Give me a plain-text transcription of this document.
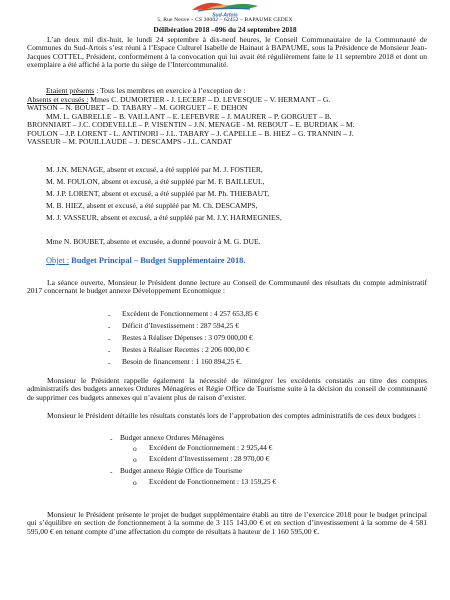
Sud-Artois
5, Rue Neuve – CS 30002 – 62452 – BAPAUME CEDEX
Délibération 2018 –096 du 24 septembre 2018

L’an deux mil dix-huit, le lundi 24 septembre à dix-neuf heures, le Conseil Communautaire de la Communauté de Communes du Sud-Artois s’est réuni à l’Espace Culturel Isabelle de Hainaut à BAPAUME, sous la Présidence de Monsieur Jean-Jacques COTTEL, Président, conformément à la convocation qui lui avait été régulièrement faite le 11 septembre 2018 et dont un exemplaire a été affiché à la porte du siège de l’Intercommunalité.

Etaient présents : Tous les membres en exercice à l’exception de :
Absents et excusés : Mmes C. DUMORTIER - J. LECERF – D. LEVESQUE – V. HERMANT – G.
WATSON – N. BOUBET – D. TABARY – M. GORGUET – F. DEHON
MM. L. GABRELLE – B. VAILLANT – E. LEFEBVRE – J. MAURER – P. GORGUET – B.
BRONNIART – J.C. CODEVELLE – P. VISENTIN – J.N. MENAGE - M. REBOUT – E. BURDIAK – M.
FOULON – J.P. LORENT - L. ANTINORI – J.L. TABARY – J. CAPELLE – B. HIEZ – G. TRANNIN – J.
VASSEUR – M. POUILLAUDE – J. DESCAMPS - J.L. CANDAT
M. J.N. MENAGE, absent et excusé, a été suppléé par M. J. FOSTIER,
M. M. FOULON, absent et excusé, a été suppléé par M. F. BAILLEUL,
M. J.P. LORENT, absent et excusé, a été suppléé par M. Ph. THIEBAUT,
M. B. HIEZ, absent et excusé, a été suppléé par M. Ch. DESCAMPS,
M. J. VASSEUR, absent et excusé, a été suppléé par M. J.Y. HARMEGNIES,
Mme N. BOUBET, absente et excusée, a donné pouvoir à M. G. DUE.
Objet : Budget Principal – Budget Supplémentaire 2018.

La séance ouverte, Monsieur le Président donne lecture au Conseil de Communauté des résultats du compte administratif 2017 concernant le budget annexe Développement Economique :

- Excédent de Fonctionnement : 4 257 653,85 €
- Déficit d’Investissement : 287 594,25 €
- Restes à Réaliser Dépenses : 3 079 000,00 €
- Restes à Réaliser Recettes : 2 206 000,00 €
- Besoin de financement : 1 160 894,25 €.

Monsieur le Président rappelle également la nécessité de réintégrer les excédents constatés au titre des comptes administratifs des budgets annexes Ordures Ménagères et Régie Office de Tourisme suite à la décision du conseil de communauté de supprimer ces budgets annexes qui n’avaient plus de raison d’exister.

Monsieur le Président détaille les résultats constatés lors de l’approbation des comptes administratifs de ces deux budgets :

- Budget annexe Ordures Ménagères
o Excédent de Fonctionnement : 2 925,44 €
o Excédent d’Investissement : 28 970,00 €
- Budget annexe Régie Office de Tourisme
o Excédent de Fonctionnement : 13 159,25 €

Monsieur le Président présente le projet de budget supplémentaire établi au titre de l’exercice 2018 pour le budget principal qui s’équilibre en section de fonctionnement à la somme de 3 115 143,00 € et en section d’investissement à la somme de 4 581 595,00 € en tenant compte d’une affectation du compte de résultats à hauteur de 1 160 595,00 €.
